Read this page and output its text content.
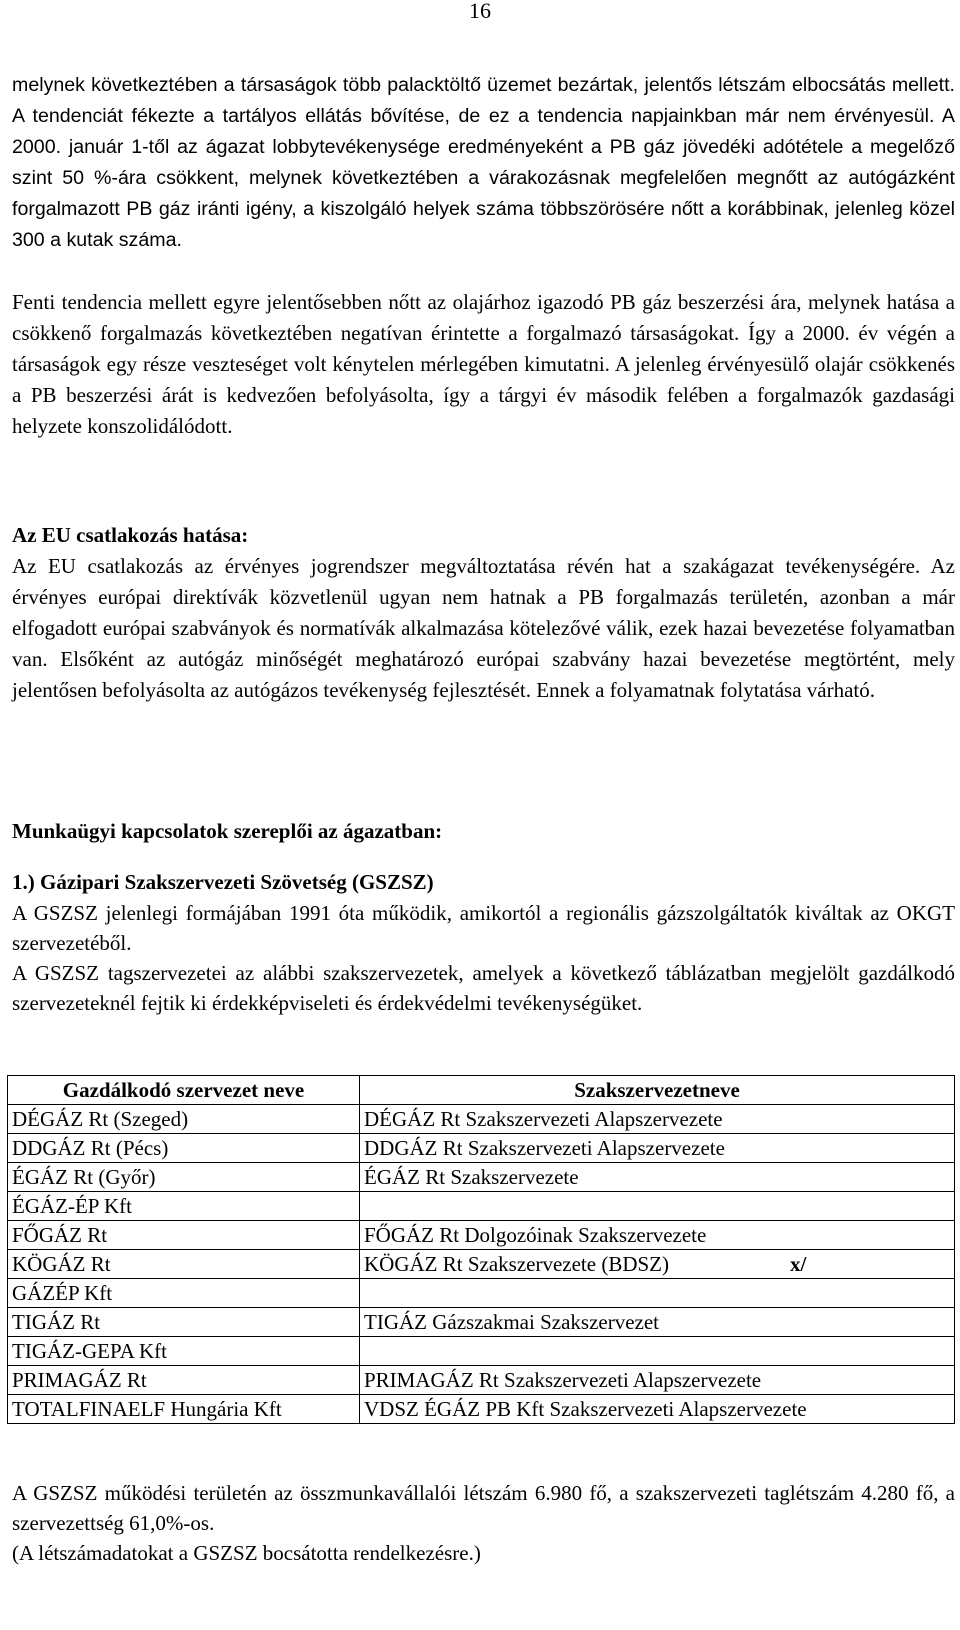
16

melynek következtében a társaságok több palacktöltő üzemet bezártak, jelentős létszám elbocsátás mellett. A tendenciát fékezte a tartályos ellátás bővítése, de ez a tendencia napjainkban már nem érvényesül. A 2000. január 1-től az ágazat lobbytevékenysége eredményeként a PB gáz jövedéki adótétele a megelőző szint 50 %-ára csökkent, melynek következtében a várakozásnak megfelelően megnőtt az autógázként forgalmazott PB gáz iránti igény, a kiszolgáló helyek száma többszörösére nőtt a korábbinak, jelenleg közel 300 a kutak száma.

Fenti tendencia mellett egyre jelentősebben nőtt az olajárhoz igazodó PB gáz beszerzési ára, melynek hatása a csökkenő forgalmazás következtében negatívan érintette a forgalmazó társaságokat. Így a 2000. év végén a társaságok egy része veszteséget volt kénytelen mérlegében kimutatni. A jelenleg érvényesülő olajár csökkenés a PB beszerzési árát is kedvezően befolyásolta, így a tárgyi év második felében a forgalmazók gazdasági helyzete konszolidálódott.

Az EU csatlakozás hatása:

Az EU csatlakozás az érvényes jogrendszer megváltoztatása révén hat a szakágazat tevékenységére. Az érvényes európai direktívák közvetlenül ugyan nem hatnak a PB forgalmazás területén, azonban a már elfogadott európai szabványok és normatívák alkalmazása kötelezővé válik, ezek hazai bevezetése folyamatban van. Elsőként az autógáz minőségét meghatározó európai szabvány hazai bevezetése megtörtént, mely jelentősen befolyásolta az autógázos tevékenység fejlesztését. Ennek a folyamatnak folytatása várható.

Munkaügyi kapcsolatok szereplői az ágazatban:
1.) Gázipari Szakszervezeti Szövetség (GSZSZ)

A GSZSZ jelenlegi formájában 1991 óta működik, amikortól a regionális gázszolgáltatók kiváltak az OKGT szervezetéből.

A GSZSZ tagszervezetei az alábbi szakszervezetek, amelyek a következő táblázatban megjelölt gazdálkodó szervezeteknél fejtik ki érdekképviseleti és érdekvédelmi tevékenységüket.

Gazdálkodó szervezet neve	Szakszervezetneve
DÉGÁZ Rt (Szeged)	DÉGÁZ Rt Szakszervezeti Alapszervezete
DDGÁZ Rt (Pécs)	DDGÁZ Rt Szakszervezeti Alapszervezete
ÉGÁZ Rt (Győr)	ÉGÁZ Rt Szakszervezete
ÉGÁZ-ÉP Kft	
FŐGÁZ Rt	FŐGÁZ Rt Dolgozóinak Szakszervezete
KÖGÁZ Rt	KÖGÁZ Rt Szakszervezete (BDSZ) x/

GÁZÉP Kft	
TIGÁZ Rt	TIGÁZ Gázszakmai Szakszervezet
TIGÁZ-GEPA Kft	
PRIMAGÁZ Rt	PRIMAGÁZ Rt Szakszervezeti Alapszervezete
TOTALFINAELF Hungária Kft	VDSZ ÉGÁZ PB Kft Szakszervezeti Alapszervezete

A GSZSZ működési területén az összmunkavállalói létszám 6.980 fő, a szakszervezeti taglétszám 4.280 fő, a szervezettség 61,0%-os.

(A létszámadatokat a GSZSZ bocsátotta rendelkezésre.)
